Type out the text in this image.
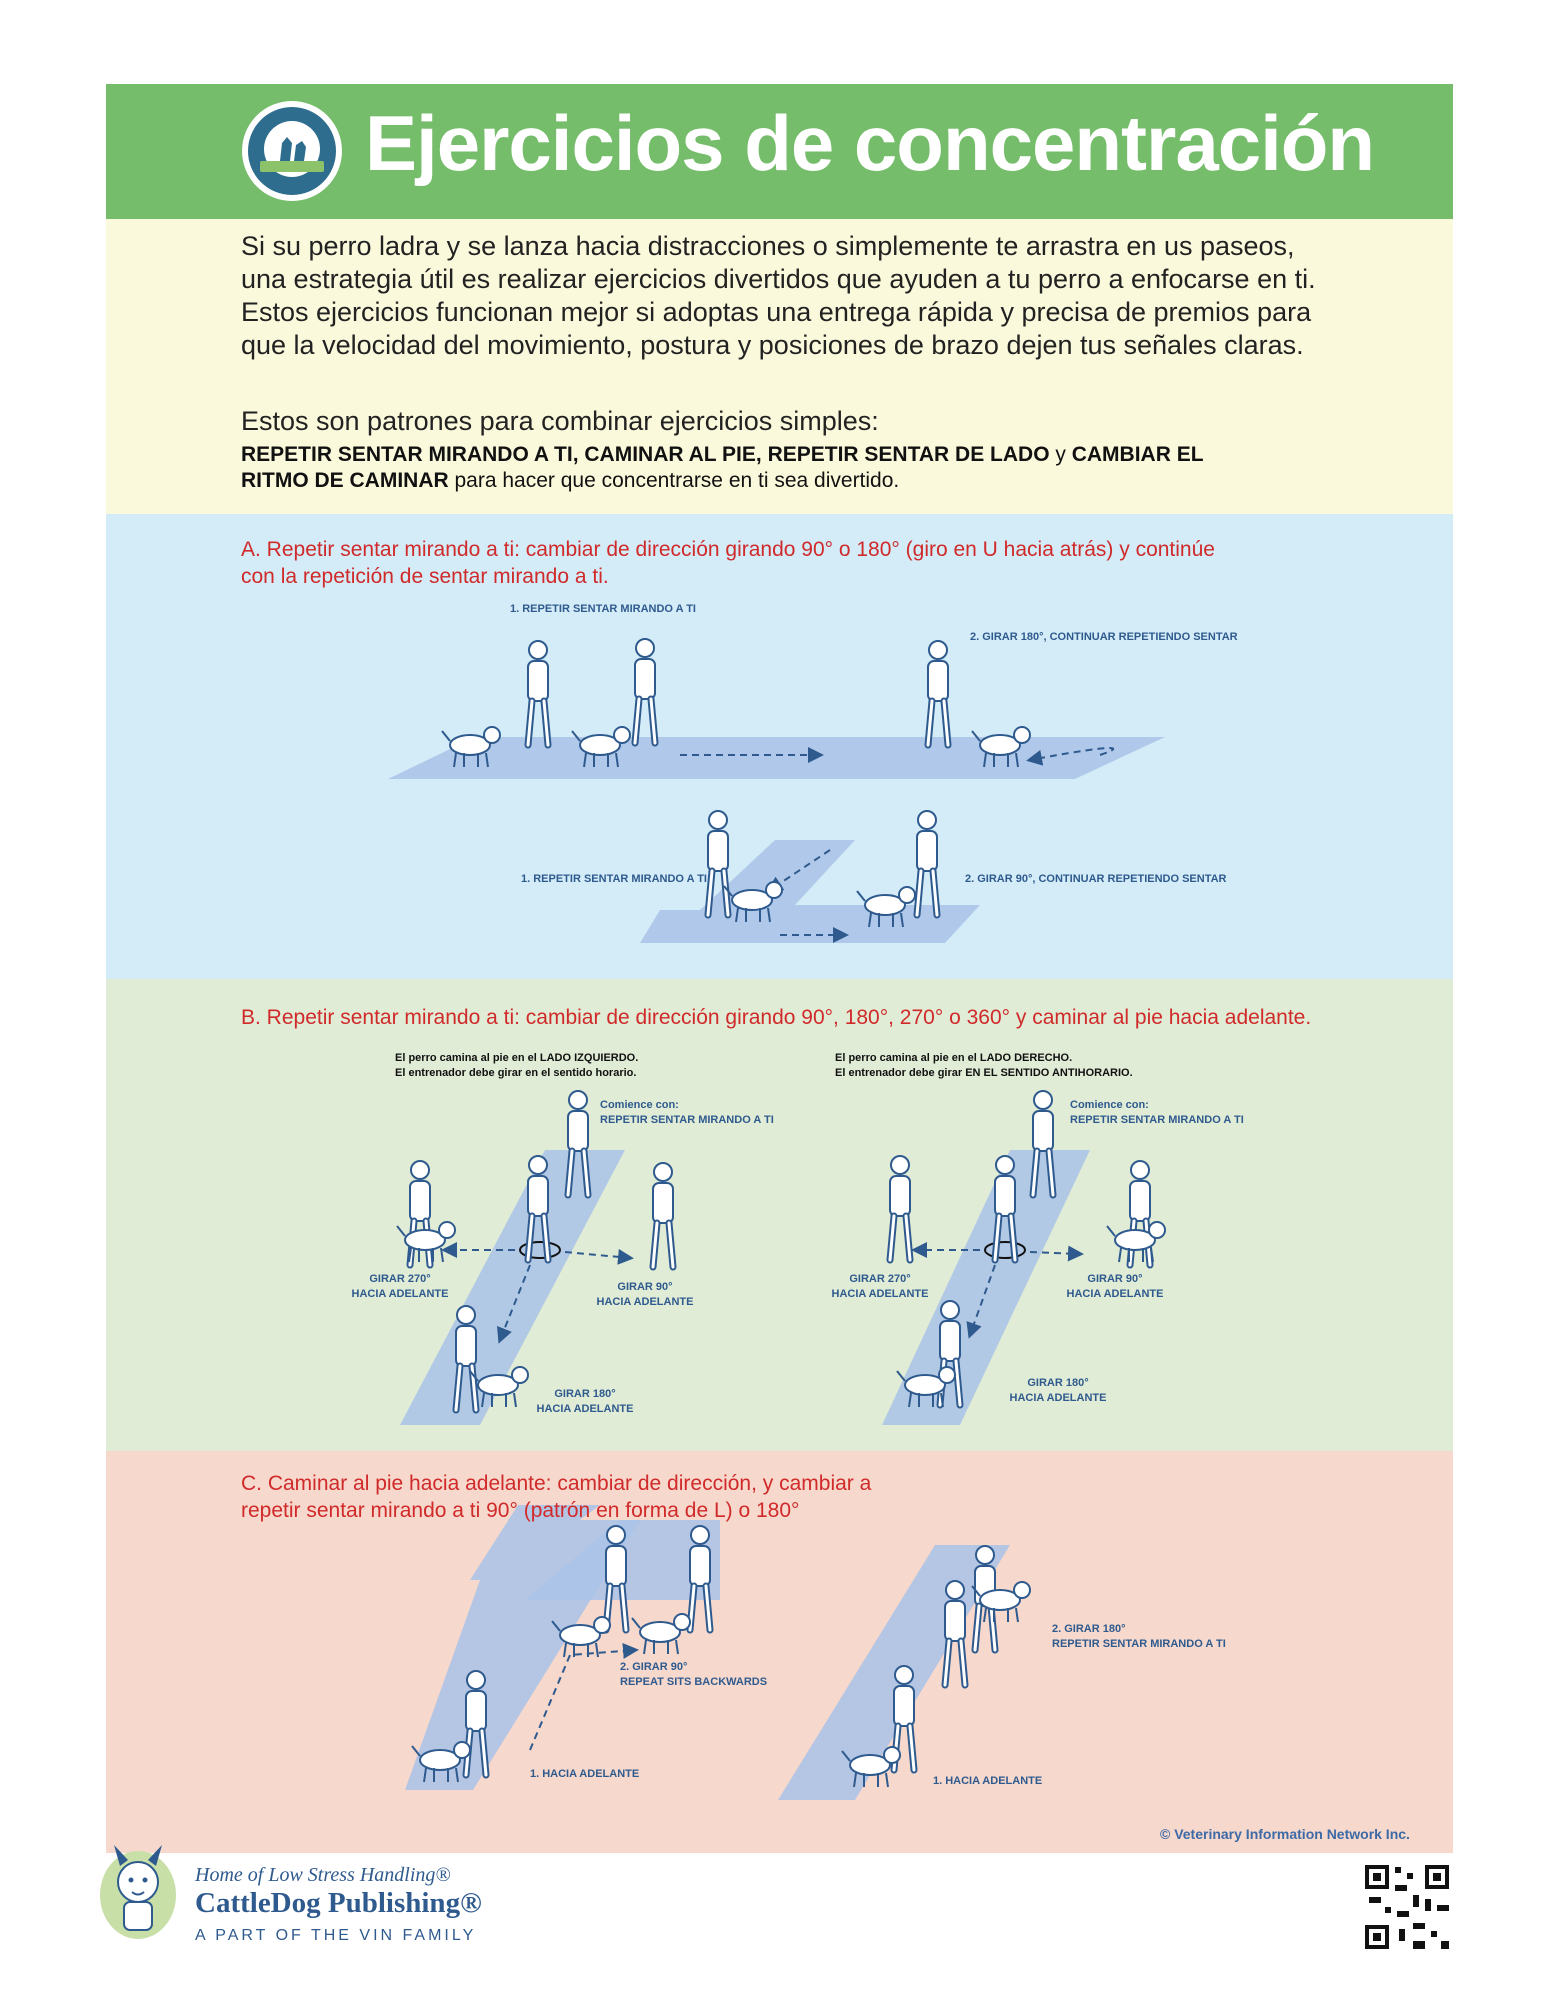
Ejercicios de concentración
Si su perro ladra y se lanza hacia distracciones o simplemente te arrastra en us paseos,
una estrategia útil es realizar ejercicios divertidos que ayuden a tu perro a enfocarse en ti.
Estos ejercicios funcionan mejor si adoptas una entrega rápida y precisa de premios para
que la velocidad del movimiento, postura y posiciones de brazo dejen tus señales claras.
Estos son patrones para combinar ejercicios simples:
REPETIR SENTAR MIRANDO A TI, CAMINAR AL PIE, REPETIR SENTAR DE LADO y CAMBIAR EL
RITMO DE CAMINAR para hacer que concentrarse en ti sea divertido.
A. Repetir sentar mirando a ti: cambiar de dirección girando 90° o 180° (giro en U hacia atrás) y continúe
con la repetición de sentar mirando a ti.
1. REPETIR SENTAR MIRANDO A TI
2. GIRAR 180°, CONTINUAR REPETIENDO SENTAR
1. REPETIR SENTAR MIRANDO A TI	2. GIRAR 90°, CONTINUAR REPETIENDO SENTAR
B. Repetir sentar mirando a ti: cambiar de dirección girando 90°, 180°, 270° o 360° y caminar al pie hacia adelante.
El perro camina al pie en el LADO IZQUIERDO.
El entrenador debe girar en el sentido horario.
Comience con:
REPETIR SENTAR MIRANDO A TI
GIRAR 270°
HACIA ADELANTE
GIRAR 90°
HACIA ADELANTE
GIRAR 180°
HACIA ADELANTE
El perro camina al pie en el LADO DERECHO.
El entrenador debe girar EN EL SENTIDO ANTIHORARIO.
Comience con:
REPETIR SENTAR MIRANDO A TI
GIRAR 270°
HACIA ADELANTE
GIRAR 90°
HACIA ADELANTE
GIRAR 180°
HACIA ADELANTE
C. Caminar al pie hacia adelante: cambiar de dirección, y cambiar a
repetir sentar mirando a ti 90° (patrón en forma de L) o 180°
2. GIRAR 90°
REPEAT SITS BACKWARDS
1. HACIA ADELANTE
2. GIRAR 180°
REPETIR SENTAR MIRANDO A TI
1. HACIA ADELANTE
© Veterinary Information Network Inc.
Home of Low Stress Handling®
CattleDog Publishing®
A PART OF THE VIN FAMILY
